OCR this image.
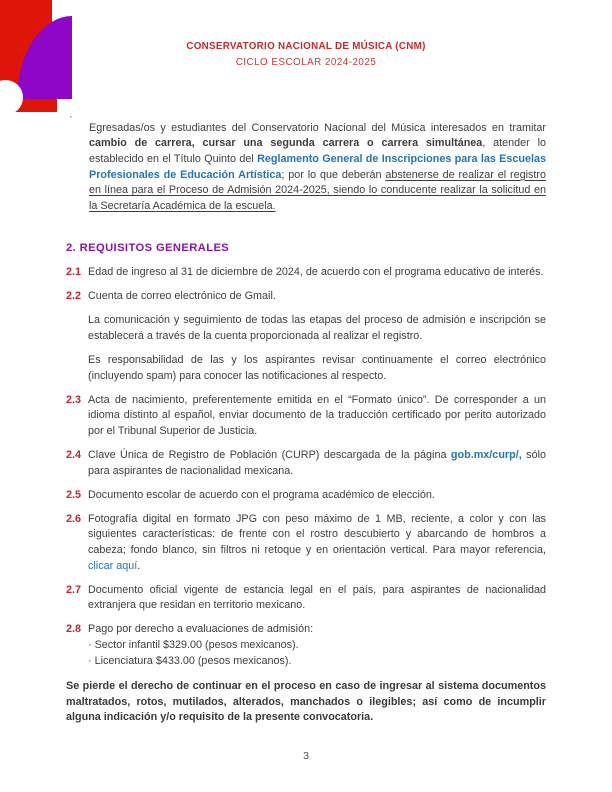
CONSERVATORIO NACIONAL DE MÚSICA (CNM)
CICLO ESCOLAR 2024-2025
·

Egresadas/os y estudiantes del Conservatorio Nacional del Música interesados en tramitar cambio de carrera, cursar una segunda carrera o carrera simultánea, atender lo establecido en el Título Quinto del Reglamento General de Inscripciones para las Escuelas Profesionales de Educación Artística; por lo que deberán abstenerse de realizar el registro en línea para el Proceso de Admisión 2024-2025, siendo lo conducente realizar la solicitud en la Secretaría Académica de la escuela.

2. REQUISITOS GENERALES
2.1 Edad de ingreso al 31 de diciembre de 2024, de acuerdo con el programa educativo de interés.

2.2 Cuenta de correo electrónico de Gmail.

La comunicación y seguimiento de todas las etapas del proceso de admisión e inscripción se establecerá a través de la cuenta proporcionada al realizar el registro.

Es responsabilidad de las y los aspirantes revisar continuamente el correo electrónico (incluyendo spam) para conocer las notificaciones al respecto.

2.3 Acta de nacimiento, preferentemente emitida en el “Formato único”. De corresponder a un idioma distinto al español, enviar documento de la traducción certificado por perito autorizado por el Tribunal Superior de Justicia.

2.4 Clave Única de Registro de Población (CURP) descargada de la página gob.mx/curp/, sólo para aspirantes de nacionalidad mexicana.

2.5 Documento escolar de acuerdo con el programa académico de elección.

2.6 Fotografía digital en formato JPG con peso máximo de 1 MB, reciente, a color y con las siguientes características: de frente con el rostro descubierto y abarcando de hombros a cabeza; fondo blanco, sin filtros ni retoque y en orientación vertical. Para mayor referencia, clicar aquí.

2.7 Documento oficial vigente de estancia legal en el país, para aspirantes de nacionalidad extranjera que residan en territorio mexicano.

2.8 Pago por derecho a evaluaciones de admisión:

· Sector infantil $329.00 (pesos mexicanos).

· Licenciatura $433.00 (pesos mexicanos).

Se pierde el derecho de continuar en el proceso en caso de ingresar al sistema documentos maltratados, rotos, mutilados, alterados, manchados o ilegibles; así como de incumplir alguna indicación y/o requisito de la presente convocatoria.

3
